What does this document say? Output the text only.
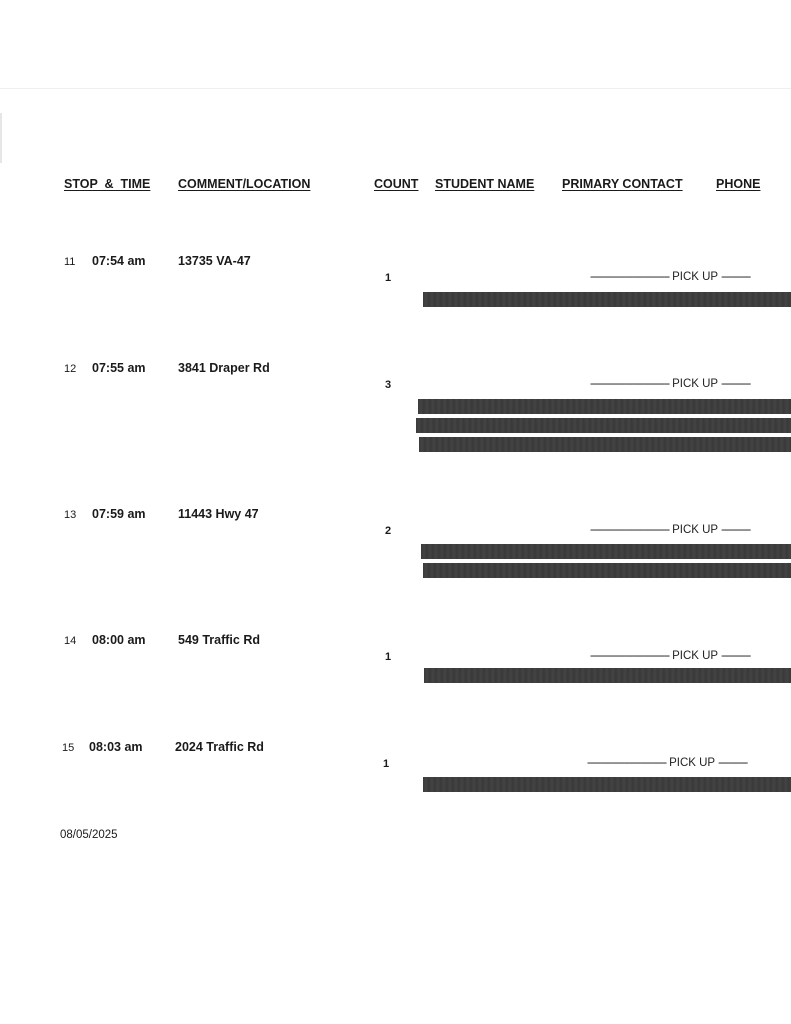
STOP  &  TIME COMMENT/LOCATION	COUNT STUDENT NAME PRIMARY CONTACT	PHONE
11 07:54 am	13735 VA-47
1	------------------------------ PICK UP -----------
12 07:55 am	3841 Draper Rd
3	------------------------------ PICK UP -----------
13 07:59 am	11443 Hwy 47
2	------------------------------ PICK UP -----------
14 08:00 am	549 Traffic Rd
1	------------------------------ PICK UP -----------
15 08:03 am	2024 Traffic Rd
1	------------------------------ PICK UP -----------
08/05/2025
